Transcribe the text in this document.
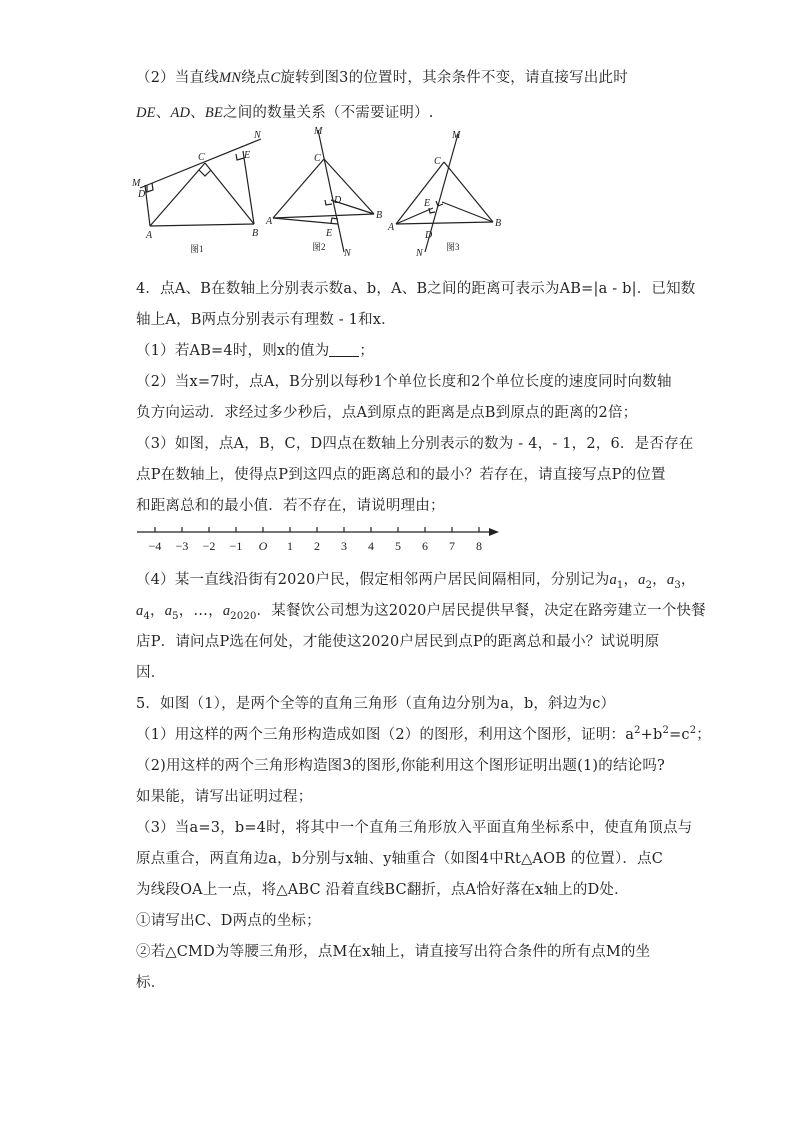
（2）当直线MN绕点C旋转到图3的位置时，其余条件不变，请直接写出此时
DE、AD、BE之间的数量关系（不需要证明）.
M
N
C	E
D
A	B
图1
M
N
C
D
E
A
B
图2
M
N
C
E
D
A	B
图3
4．点A、B在数轴上分别表示数a、b，A、B之间的距离可表示为AB=|a - b|．已知数
轴上A，B两点分别表示有理数 - 1和x．
（1）若AB=4时，则x的值为 ；
（2）当x=7时，点A，B分别以每秒1个单位长度和2个单位长度的速度同时向数轴
负方向运动．求经过多少秒后，点A到原点的距离是点B到原点的距离的2倍；
（3）如图，点A，B，C，D四点在数轴上分别表示的数为 - 4，- 1，2，6．是否存在
点P在数轴上，使得点P到这四点的距离总和的最小？若存在，请直接写点P的位置
和距离总和的最小值．若不存在，请说明理由；
−4 −3 −2 −1 O 1 2 3 4 5 6 7 8
（4）某一直线沿街有2020户民，假定相邻两户居民间隔相同，分别记为$a_1$，$a_2$，$a_3$，
$a_4$，$a_5$，…，$a_{2020}$．某餐饮公司想为这2020户居民提供早餐，决定在路旁建立一个快餐
店P．请问点P选在何处，才能使这2020户居民到点P的距离总和最小？试说明原
因．
5．如图（1），是两个全等的直角三角形（直角边分别为a，b，斜边为c）
（1）用这样的两个三角形构造成如图（2）的图形，利用这个图形，证明：$a^2+b^2=c^2$；
（2)用这样的两个三角形构造图3的图形,你能利用这个图形证明出题(1)的结论吗?
如果能，请写出证明过程；
（3）当a=3，b=4时，将其中一个直角三角形放入平面直角坐标系中，使直角顶点与
原点重合，两直角边a，b分别与x轴、y轴重合（如图4中Rt△AOB 的位置）．点C
为线段OA上一点，将△ABC 沿着直线BC翻折，点A恰好落在x轴上的D处．
①请写出C、D两点的坐标；
②若△CMD为等腰三角形，点M在x轴上，请直接写出符合条件的所有点M的坐
标．
